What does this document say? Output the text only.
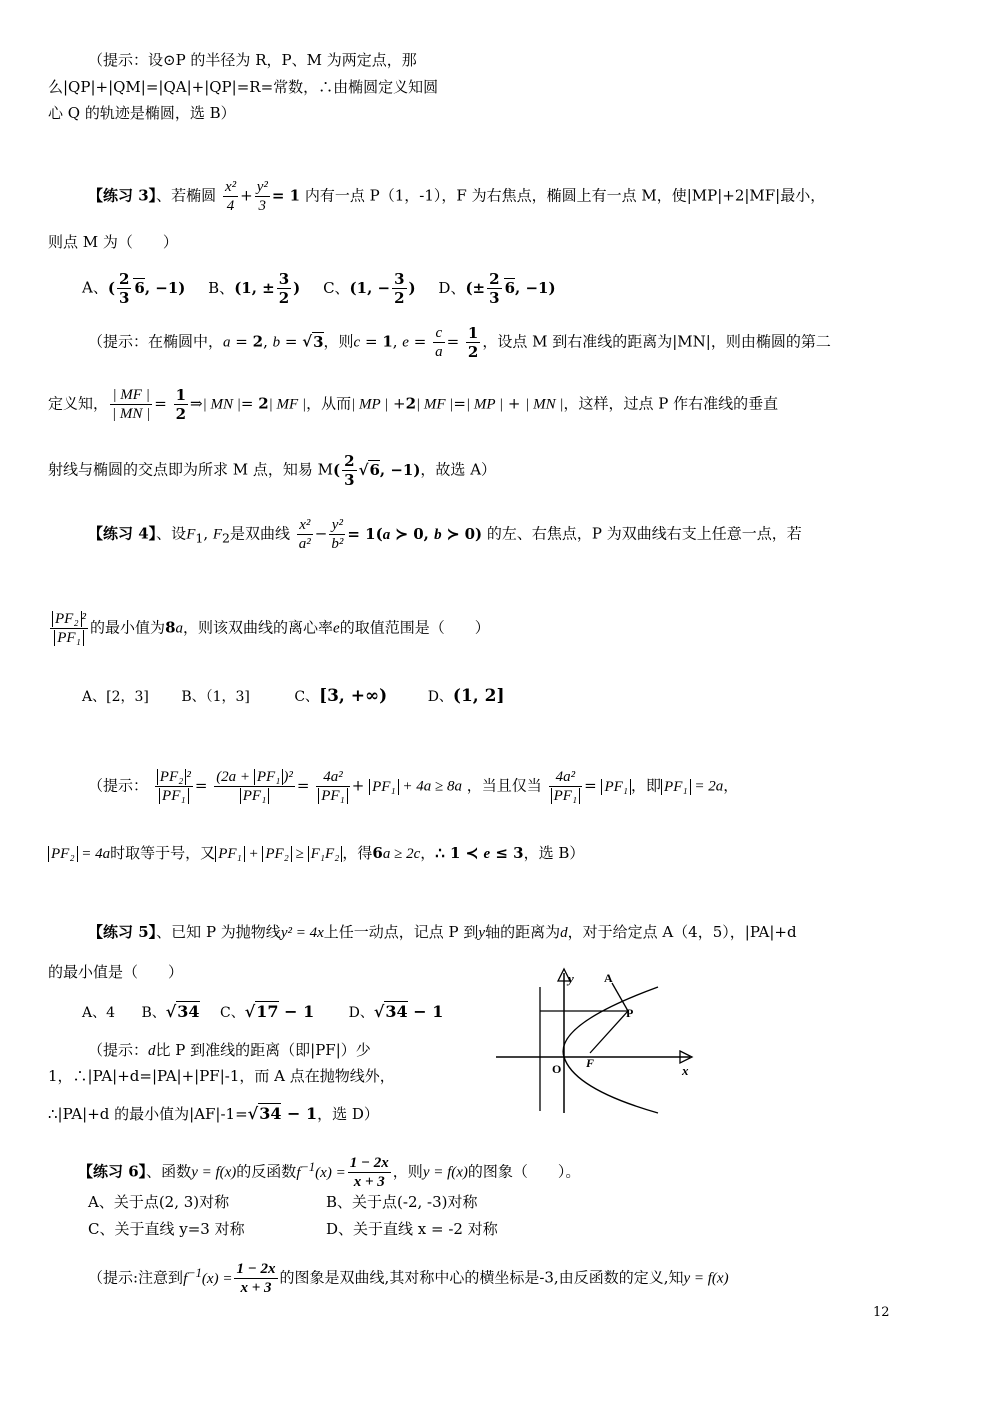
（提示：设⊙P 的半径为 R，P、M 为两定点，那
么|QP|+|QM|=|QA|+|QP|=R=常数，∴由椭圆定义知圆
心 Q 的轨迹是椭圆，选 B）
【练习 3】、若椭圆 $\frac{\text{x²}}{4} + \frac{\text{y²}}{3} = 1$ 内有一点 P（1，-1），F 为右焦点，椭圆上有一点 M，使|MP|+2|MF|最小，
则点 M 为（　　）
A、( $\frac{2}{3} 6$, −1) B、(1, ± $\frac{3}{2}$ ) C、(1, − $\frac{3}{2}$ ) D、(± $\frac{2}{3} 6$, −1)
（提示：在椭圆中，a = 2, b = √3，则c = 1, $e = \frac{c}{a} = \frac{1}{2}$ ，设点 M 到右准线的距离为|MN|，则由椭圆的第二
定义知， $\frac{| MF |}{| MN |} = \frac{1}{2}$ ⇒| MN |= 2| MF |，从而| MP | +2| MF |=| MP | + | MN |，这样，过点 P 作右准线的垂直
射线与椭圆的交点即为所求 M 点，知易 $M( \frac{2}{3} √6$, −1)，故选 A）
【练习 4】、设$F_1$, $F_2$是双曲线 $\frac{\text{x²}}{\text{a²}} - \frac{\text{y²}}{\text{b²}} = 1(a$ ≻ 0, b ≻ 0) 的左、右焦点，P 为双曲线右支上任意一点，若
$\frac{\text{PF₂ ²}}{\text{PF₁}}$ 的最小值为8a，则该双曲线的离心率e的取值范围是（　　）
A、[2，3] B、（1，3]	C、[3, +∞)	D、(1, 2]
（提示： $\frac{\text{PF₂ ²}}{\text{PF₁}} = \frac{\text{(2a + PF₁ )²}}{\text{PF₁}} = \frac{\text{4a²}}{\text{PF₁}} + PF_1 + 4a \ge 8a$ ，当且仅当 $\frac{\text{4a²}}{\text{PF₁}} = PF_1$ ，即 PF₁ = 2a，
PF₂ = 4a时取等于号，又 PF₁ + PF₂ ≥ F₁F₂ ，得6a ≥ 2c，∴ 1 ≺ e ≤ 3，选 B）
【练习 5】、已知 P 为抛物线y² = 4x上任一动点，记点 P 到y轴的距离为d，对于给定点 A（4，5），|PA|+d
的最小值是（　　）
A、4 B、√34 C、√17 − 1 D、√34 − 1
（提示：d比 P 到准线的距离（即|PF|）少
1，∴|PA|+d=|PA|+|PF|-1，而 A 点在抛物线外，
∴|PA|+d 的最小值为|AF|-1=√34 − 1，选 D）
A
P
O F	x
y
【练习 6】、函数y = f(x)的反函数$f^{-1}(x) = \frac{1 - 2x}{x + 3}$ ，则y = f(x)的图象（　　）。
A、关于点(2, 3)对称	B、关于点(-2, -3)对称
C、关于直线 y=3 对称	D、关于直线 x = -2 对称
（提示:注意到$f^{-1}(x) = \frac{1 - 2x}{x + 3}$ 的图象是双曲线,其对称中心的横坐标是-3,由反函数的定义,知y = f(x)
12
